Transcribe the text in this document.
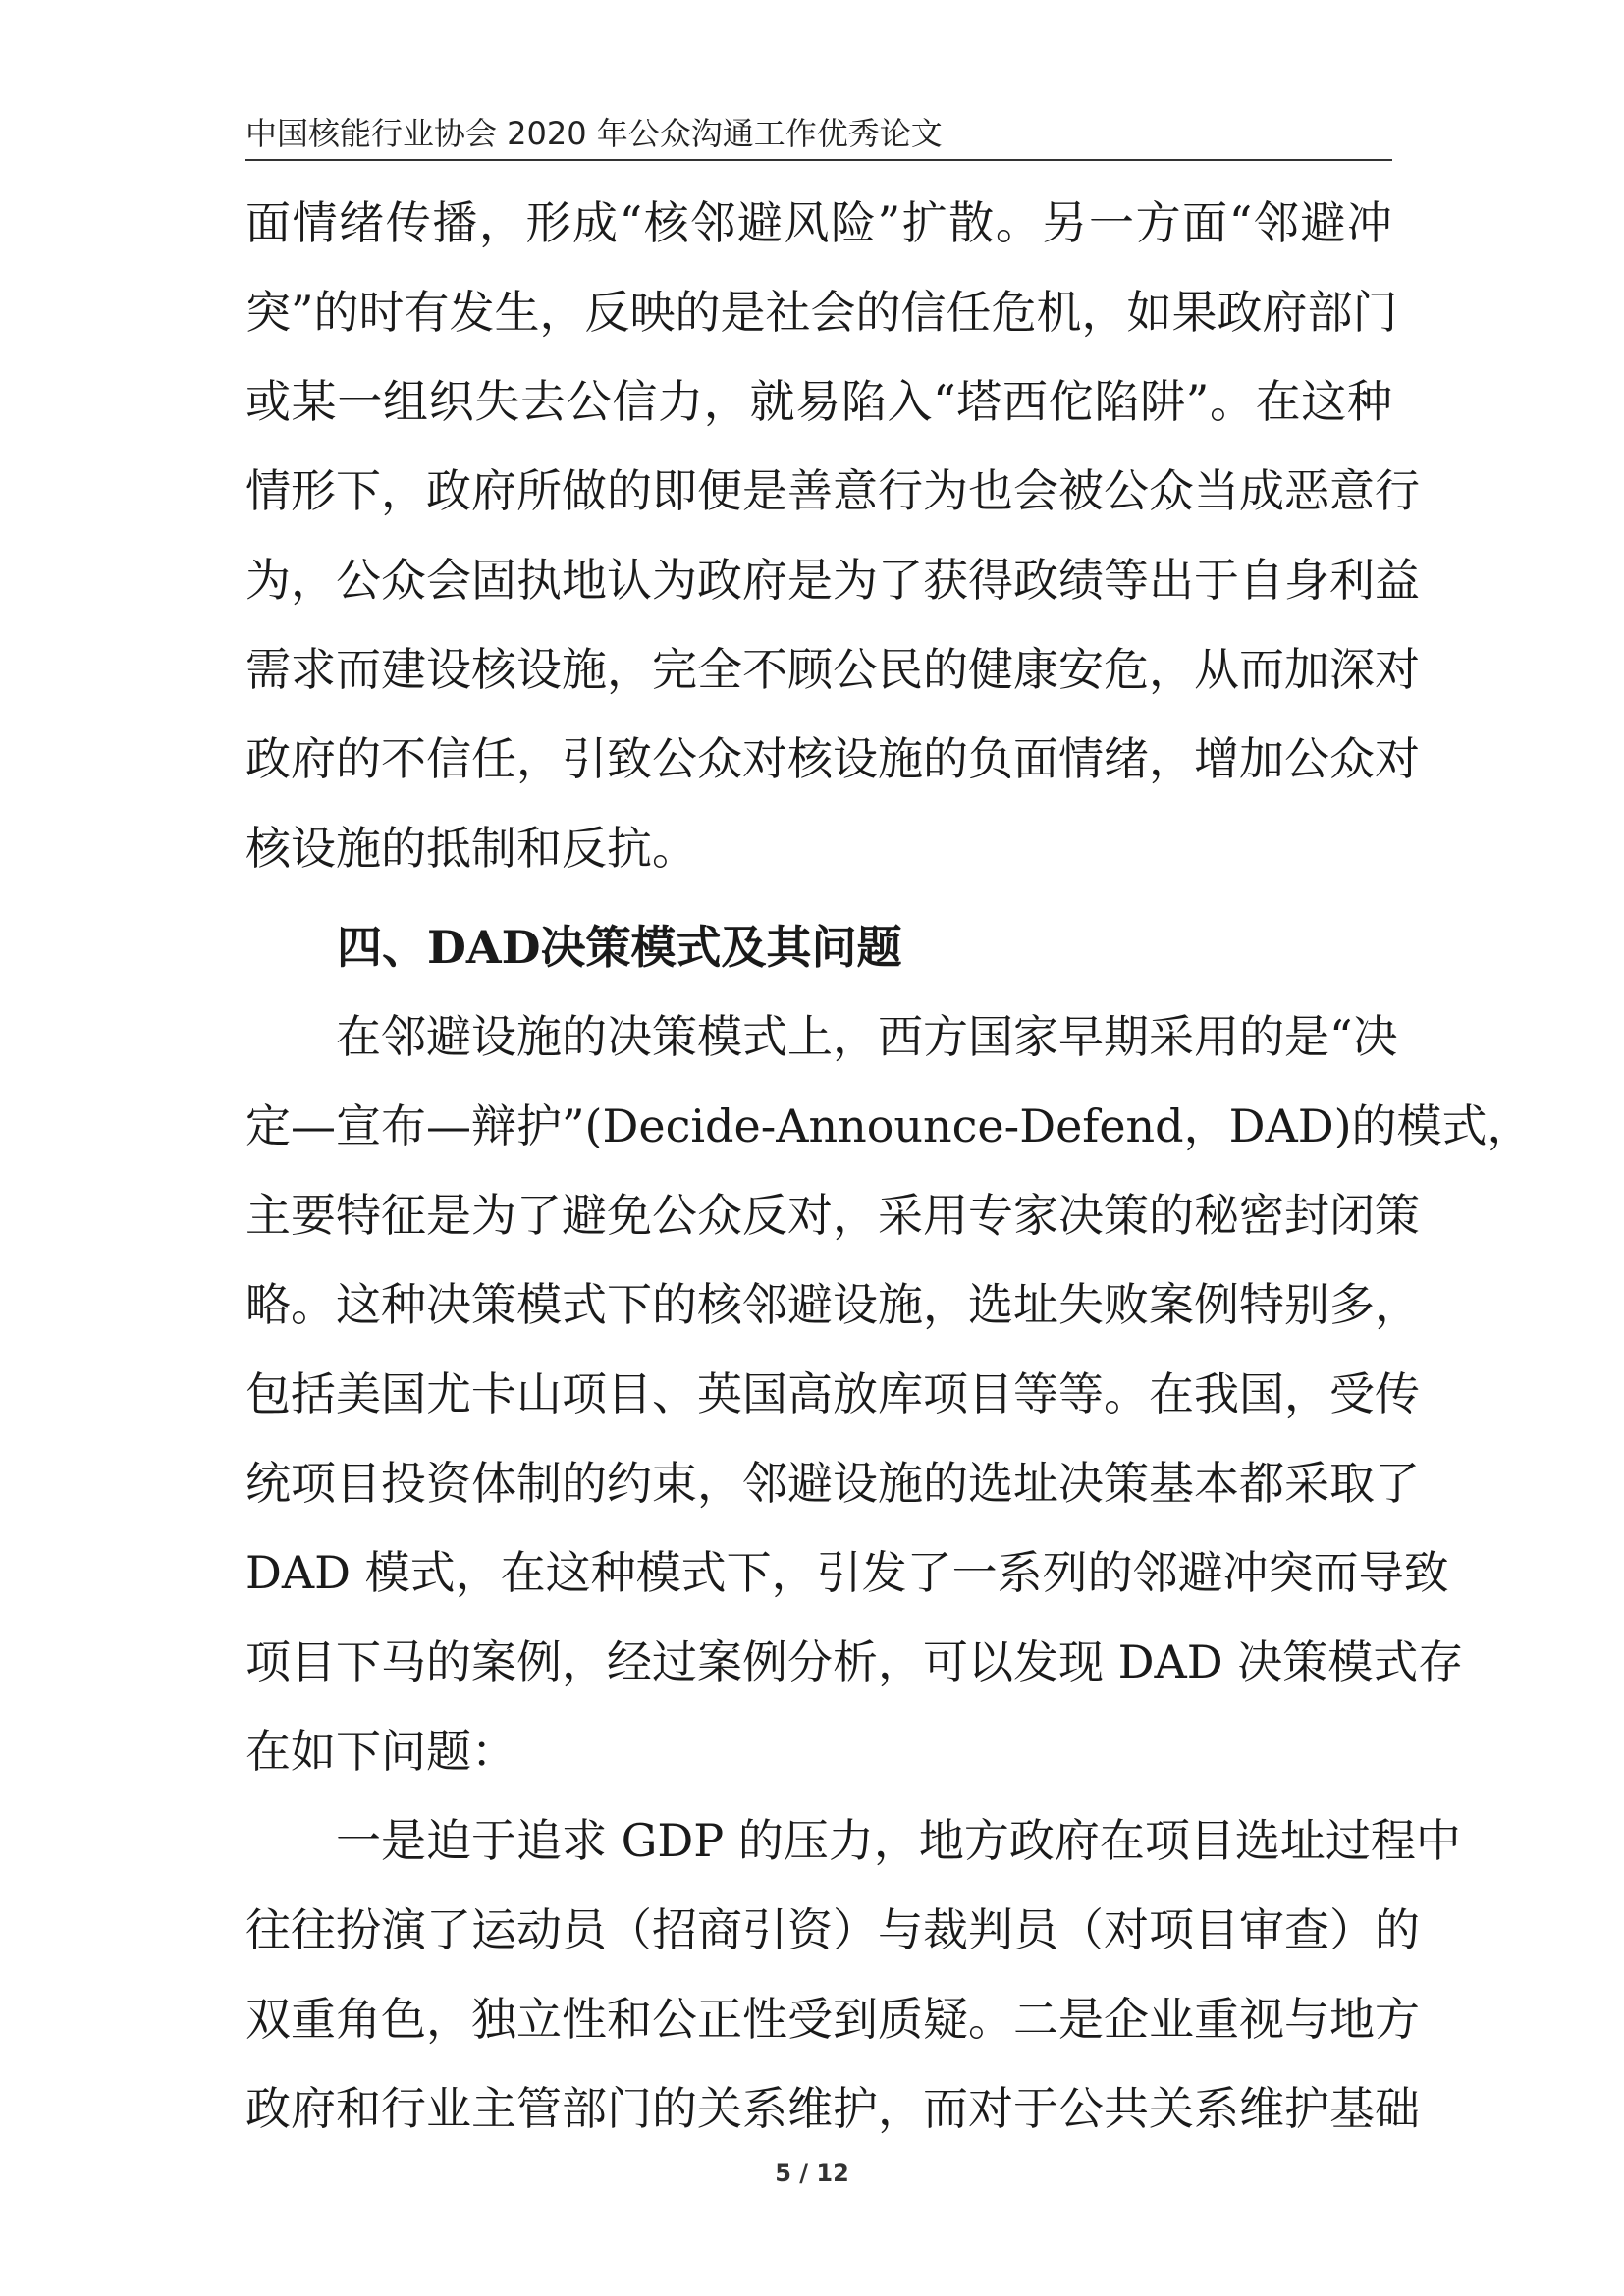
中国核能行业协会 2020 年公众沟通工作优秀论文
面情绪传播，形成“核邻避风险”扩散。另一方面“邻避冲
突”的时有发生，反映的是社会的信任危机，如果政府部门
或某一组织失去公信力，就易陷入“塔西佗陷阱”。在这种
情形下，政府所做的即便是善意行为也会被公众当成恶意行
为，公众会固执地认为政府是为了获得政绩等出于自身利益
需求而建设核设施，完全不顾公民的健康安危，从而加深对
政府的不信任，引致公众对核设施的负面情绪，增加公众对
核设施的抵制和反抗。
四、DAD决策模式及其问题
　　在邻避设施的决策模式上，西方国家早期采用的是“决
定—宣布—辩护”(Decide-Announce-Defend，DAD)的模式，
主要特征是为了避免公众反对，采用专家决策的秘密封闭策
略。这种决策模式下的核邻避设施，选址失败案例特别多，
包括美国尤卡山项目、英国高放库项目等等。在我国，受传
统项目投资体制的约束，邻避设施的选址决策基本都采取了
DAD 模式，在这种模式下，引发了一系列的邻避冲突而导致
项目下马的案例，经过案例分析，可以发现 DAD 决策模式存
在如下问题：
　　一是迫于追求 GDP 的压力，地方政府在项目选址过程中
往往扮演了运动员（招商引资）与裁判员（对项目审查）的
双重角色，独立性和公正性受到质疑。二是企业重视与地方
政府和行业主管部门的关系维护，而对于公共关系维护基础
5 / 12
